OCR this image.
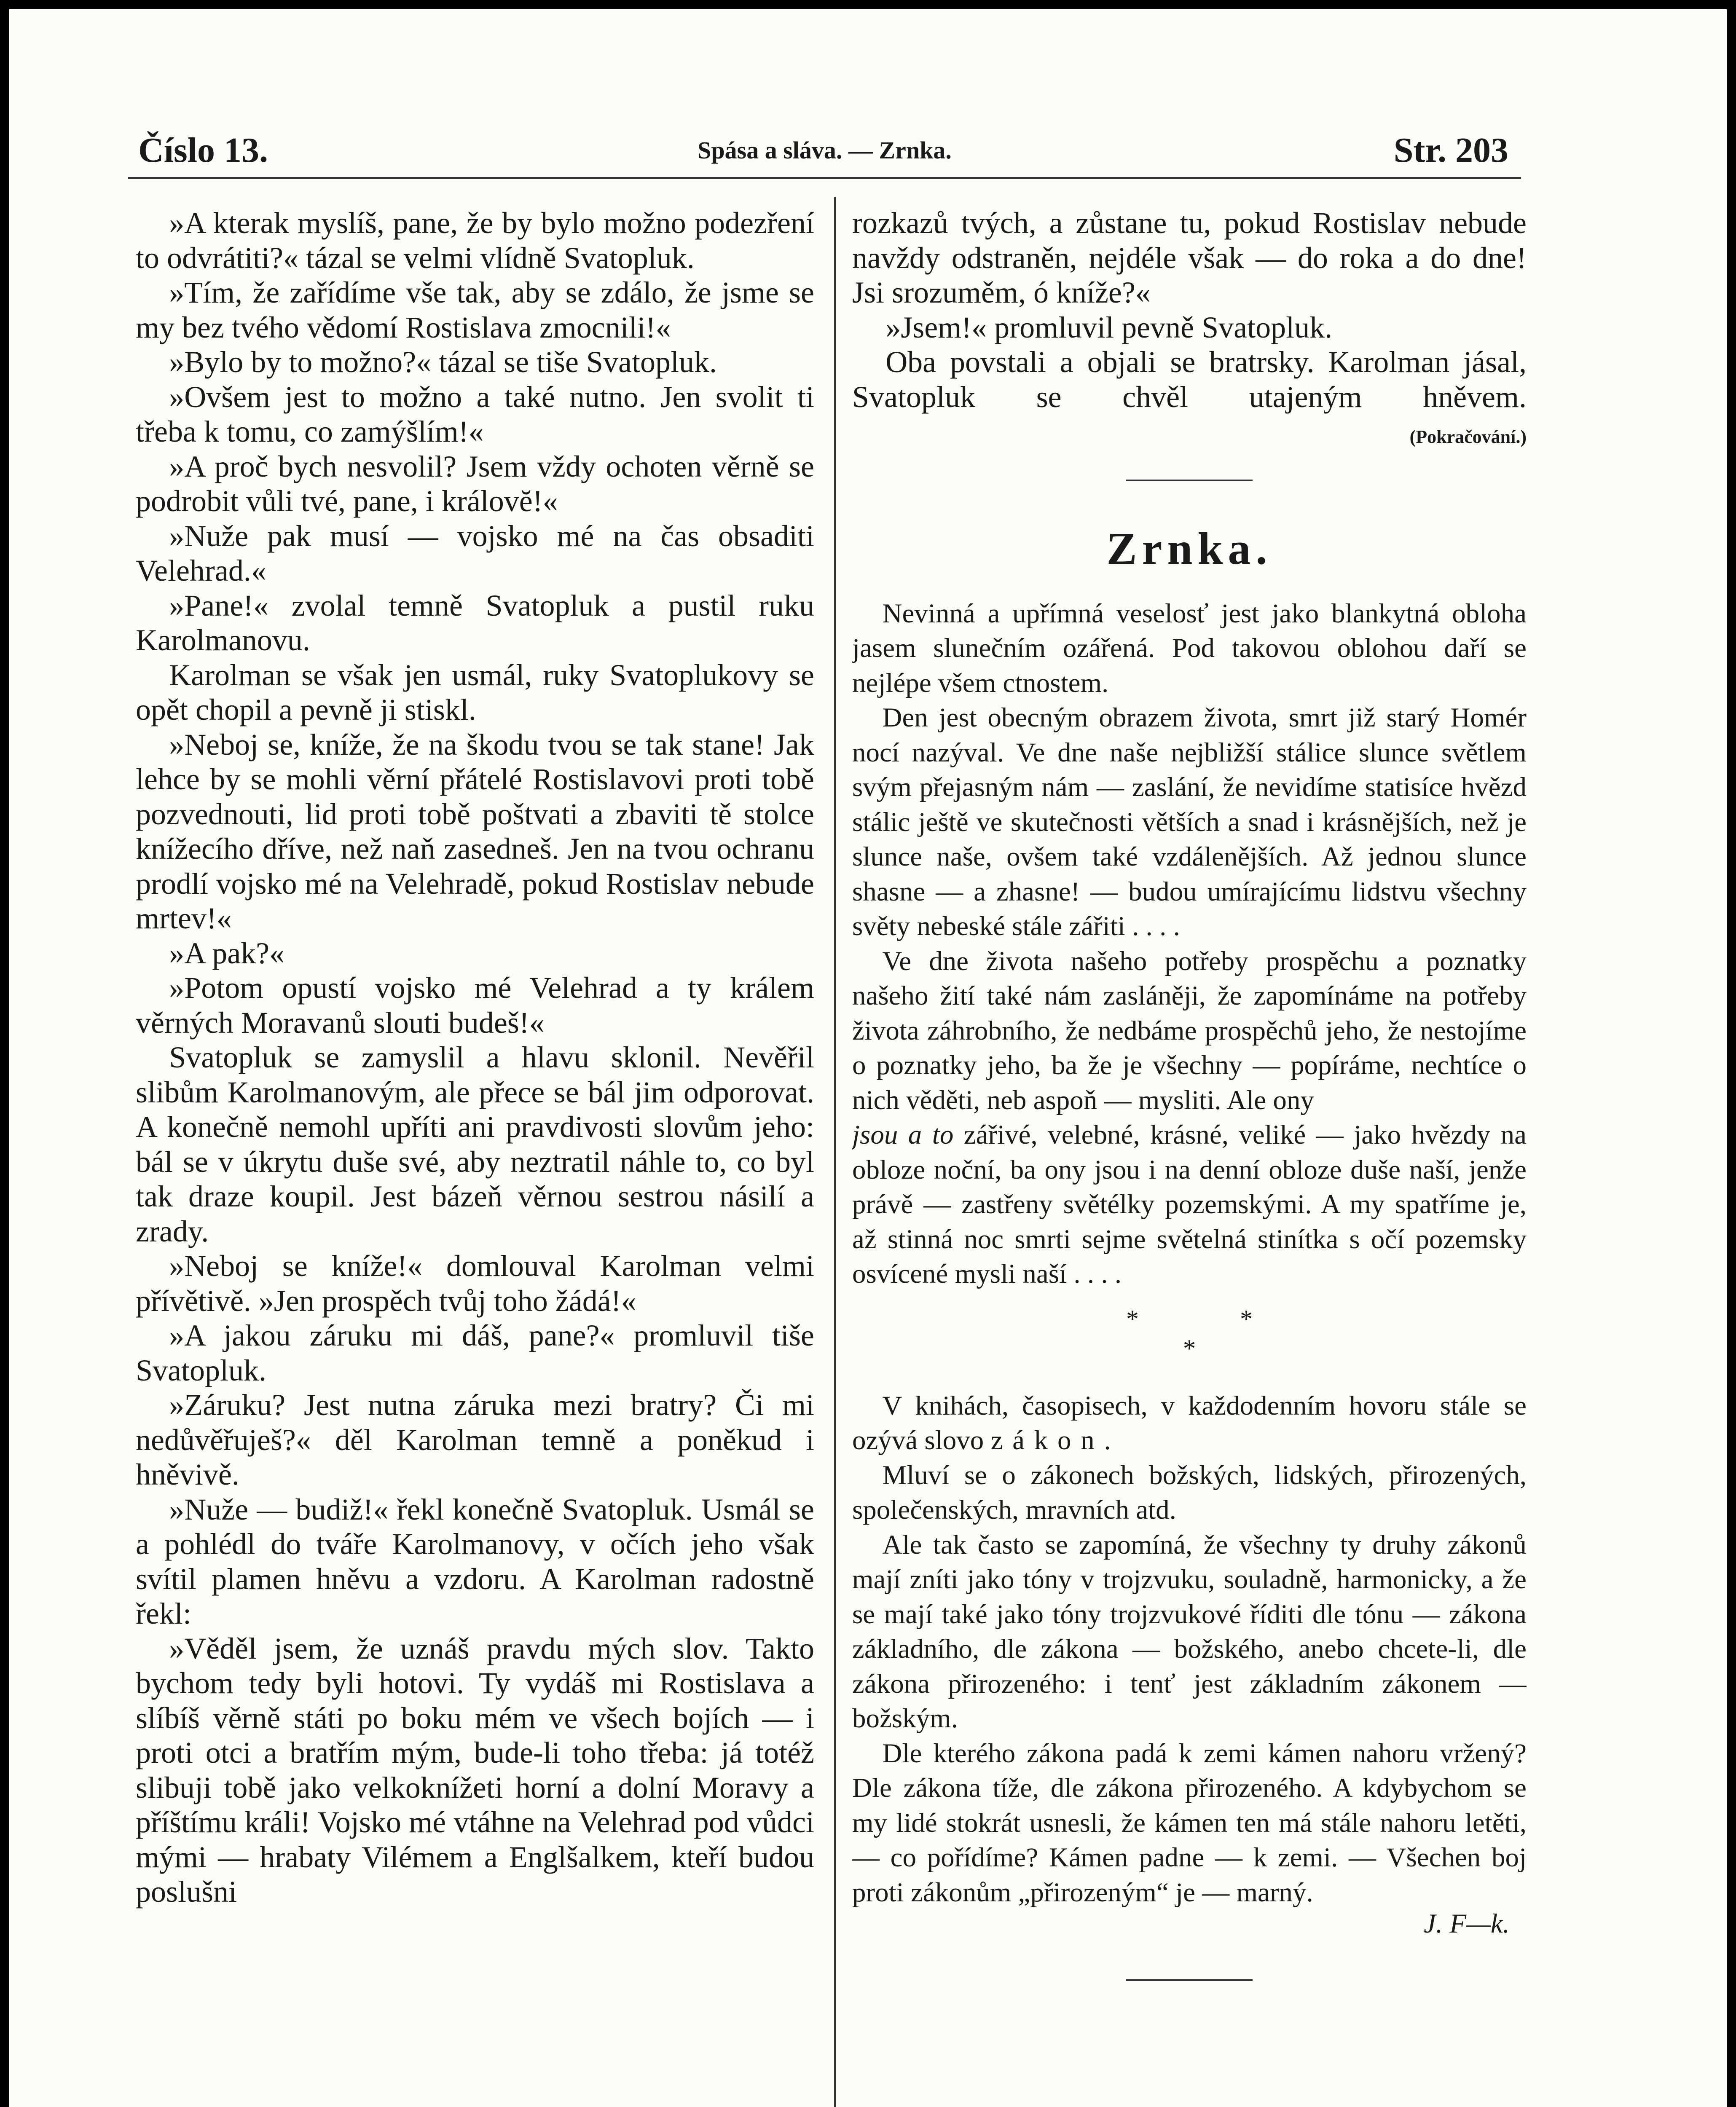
Číslo 13.	Spása a sláva. — Zrnka.	Str. 203

»A kterak myslíš, pane, že by bylo možno podezření to odvrátiti?« tázal se velmi vlídně Svatopluk.

»Tím, že zařídíme vše tak, aby se zdálo, že jsme se my bez tvého vědomí Rostislava zmocnili!«

»Bylo by to možno?« tázal se tiše Svatopluk.

»Ovšem jest to možno a také nutno. Jen svolit ti třeba k tomu, co zamýšlím!«

»A proč bych nesvolil? Jsem vždy ochoten věrně se podrobit vůli tvé, pane, i královĕ!«

»Nuže pak musí — vojsko mé na čas obsaditi Velehrad.«

»Pane!« zvolal temně Svatopluk a pustil ruku Karolmanovu.

Karolman se však jen usmál, ruky Svatoplukovy se opět chopil a pevně ji stiskl.

»Neboj se, kníže, že na škodu tvou se tak stane! Jak lehce by se mohli věrní přátelé Rostislavovi proti tobě pozvednouti, lid proti tobě poštvati a zbaviti tě stolce knížecího dříve, než naň zasedneš. Jen na tvou ochranu prodlí vojsko mé na Velehradě, pokud Rostislav nebude mrtev!«

»A pak?«

»Potom opustí vojsko mé Velehrad a ty králem věrných Moravanů slouti budeš!«

Svatopluk se zamyslil a hlavu sklonil. Nevěřil slibům Karolmanovým, ale přece se bál jim odporovat. A konečně nemohl upříti ani pravdivosti slovům jeho: bál se v úkrytu duše své, aby neztratil náhle to, co byl tak draze koupil. Jest bázeň věrnou sestrou násilí a zrady.

»Neboj se kníže!« domlouval Karolman velmi přívětivě. »Jen prospěch tvůj toho žádá!«

»A jakou záruku mi dáš, pane?« promluvil tiše Svatopluk.

»Záruku? Jest nutna záruka mezi bratry? Či mi nedůvěřuješ?« děl Karolman temně a poněkud i hněvivě.

»Nuže — budiž!« řekl konečně Svatopluk. Usmál se a pohlédl do tváře Karolmanovy, v očích jeho však svítil plamen hněvu a vzdoru. A Karolman radostně řekl:

»Věděl jsem, že uznáš pravdu mých slov. Takto bychom tedy byli hotovi. Ty vydáš mi Rostislava a slíbíš věrně státi po boku mém ve všech bojích — i proti otci a bratřím mým, bude-li toho třeba: já totéž slibuji tobě jako velkoknížeti horní a dolní Moravy a příštímu králi! Vojsko mé vtáhne na Velehrad pod vůdci mými — hrabaty Vilémem a Englšalkem, kteří budou poslušni

rozkazů tvých, a zůstane tu, pokud Rostislav nebude navždy odstraněn, nejdéle však — do roka a do dne! Jsi srozuměm, ó kníže?«

»Jsem!« promluvil pevně Svatopluk.

Oba povstali a objali se bratrsky. Karolman jásal, Svatopluk se chvěl utajeným hněvem.

(Pokračování.)
Zrnka.

Nevinná a upřímná veselosť jest jako blankytná obloha jasem slunečním ozářená. Pod takovou oblohou daří se nejlépe všem ctnostem.

Den jest obecným obrazem života, smrt již starý Homér nocí nazýval. Ve dne naše nejbližší stálice slunce světlem svým přejasným nám — zaslání, že nevidíme statisíce hvězd stálic ještě ve skutečnosti větších a snad i krásnějších, než je slunce naše, ovšem také vzdálenějších. Až jednou slunce shasne — a zhasne! — budou umírajícímu lidstvu všechny světy nebeské stále zářiti . . . .

Ve dne života našeho potřeby prospěchu a poznatky našeho žití také nám zasláněji, že zapomínáme na potřeby života záhrobního, že nedbáme prospěchů jeho, že nestojíme o poznatky jeho, ba že je všechny — popíráme, nechtíce o nich věděti, neb aspoň — mysliti. Ale ony

jsou a to zářivé, velebné, krásné, veliké — jako hvězdy na obloze noční, ba ony jsou i na denní obloze duše naší, jenže právě — zastřeny světélky pozemskými. A my spatříme je, až stinná noc smrti sejme světelná stinítka s očí pozemsky osvícené mysli naší . . . .

*	*
*

V knihách, časopisech, v každodenním hovoru stále se ozývá slovo zákon.

Mluví se o zákonech božských, lidských, přirozených, společenských, mravních atd.

Ale tak často se zapomíná, že všechny ty druhy zákonů mají zníti jako tóny v trojzvuku, souladně, harmonicky, a že se mají také jako tóny trojzvukové říditi dle tónu — zákona základního, dle zákona — božského, anebo chcete-li, dle zákona přirozeného: i tenť jest základním zákonem — božským.

Dle kterého zákona padá k zemi kámen nahoru vržený? Dle zákona tíže, dle zákona přirozeného. A kdybychom se my lidé stokrát usnesli, že kámen ten má stále nahoru letěti, — co pořídíme? Kámen padne — k zemi. — Všechen boj proti zákonům „přirozeným“ je — marný.

J. F—k.
